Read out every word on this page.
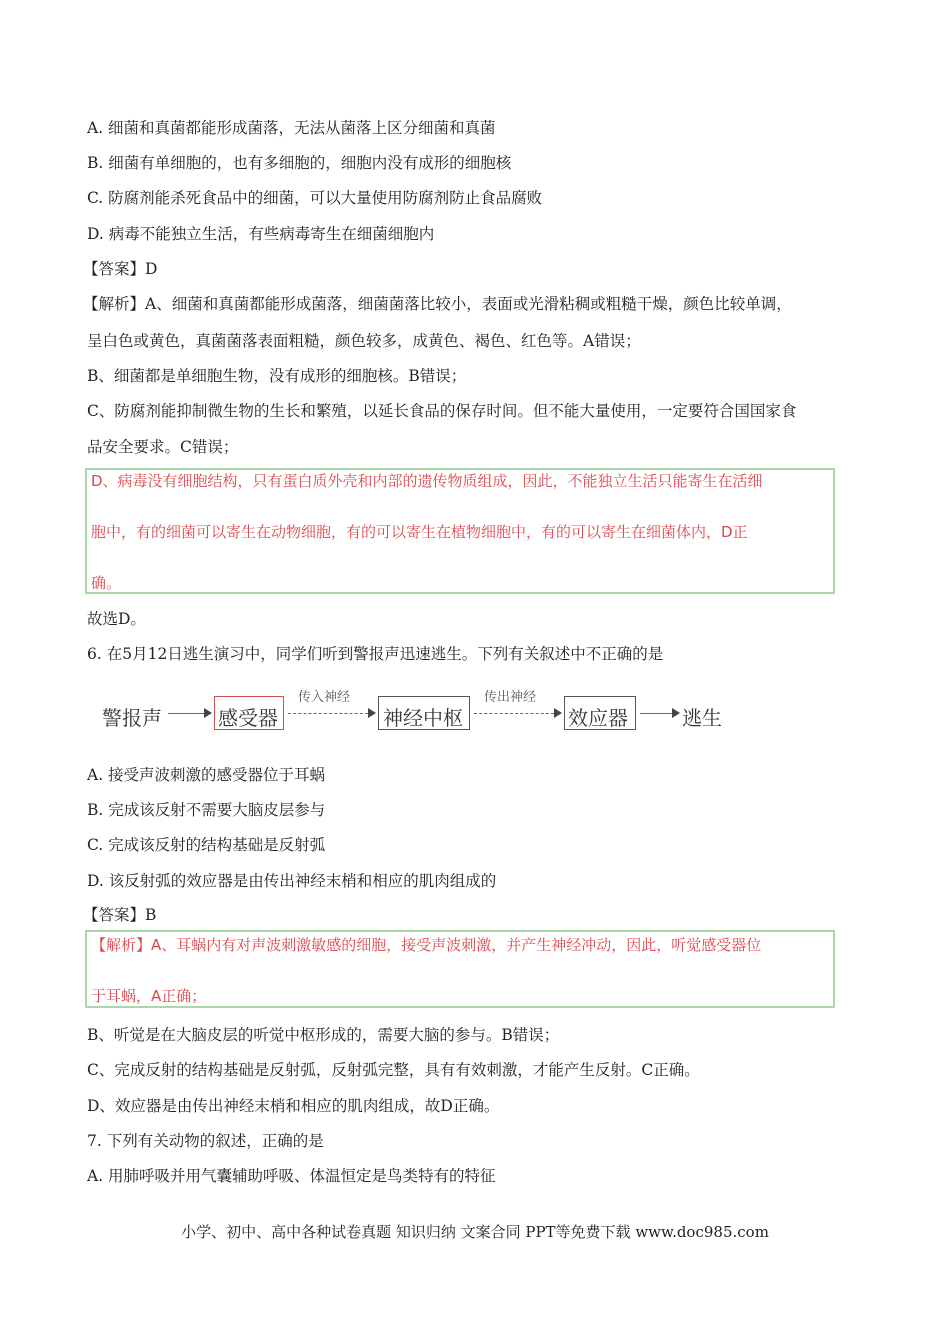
A. 细菌和真菌都能形成菌落，无法从菌落上区分细菌和真菌
B. 细菌有单细胞的，也有多细胞的，细胞内没有成形的细胞核
C. 防腐剂能杀死食品中的细菌，可以大量使用防腐剂防止食品腐败
D. 病毒不能独立生活，有些病毒寄生在细菌细胞内
【答案】D
【解析】A、细菌和真菌都能形成菌落，细菌菌落比较小，表面或光滑粘稠或粗糙干燥，颜色比较单调，
呈白色或黄色，真菌菌落表面粗糙，颜色较多，成黄色、褐色、红色等。A错误；
B、细菌都是单细胞生物，没有成形的细胞核。B错误；
C、防腐剂能抑制微生物的生长和繁殖，以延长食品的保存时间。但不能大量使用，一定要符合国国家食
品安全要求。C错误；
D、病毒没有细胞结构，只有蛋白质外壳和内部的遗传物质组成，因此，不能独立生活只能寄生在活细
胞中，有的细菌可以寄生在动物细胞，有的可以寄生在植物细胞中，有的可以寄生在细菌体内，D正
确。
故选D。
6. 在5月12日逃生演习中，同学们听到警报声迅速逃生。下列有关叙述中不正确的是
警报声	感受器
传入神经
神经中枢
传出神经
效应器	逃生
A. 接受声波刺激的感受器位于耳蜗
B. 完成该反射不需要大脑皮层参与
C. 完成该反射的结构基础是反射弧
D. 该反射弧的效应器是由传出神经末梢和相应的肌肉组成的
【答案】B
【解析】A、耳蜗内有对声波刺激敏感的细胞，接受声波刺激，并产生神经冲动，因此，听觉感受器位
于耳蜗，A正确；
B、听觉是在大脑皮层的听觉中枢形成的，需要大脑的参与。B错误；
C、完成反射的结构基础是反射弧，反射弧完整，具有有效刺激，才能产生反射。C正确。
D、效应器是由传出神经末梢和相应的肌肉组成，故D正确。
7. 下列有关动物的叙述，正确的是
A. 用肺呼吸并用气囊辅助呼吸、体温恒定是鸟类特有的特征
小学、初中、高中各种试卷真题 知识归纳 文案合同 PPT等免费下载 www.doc985.com
